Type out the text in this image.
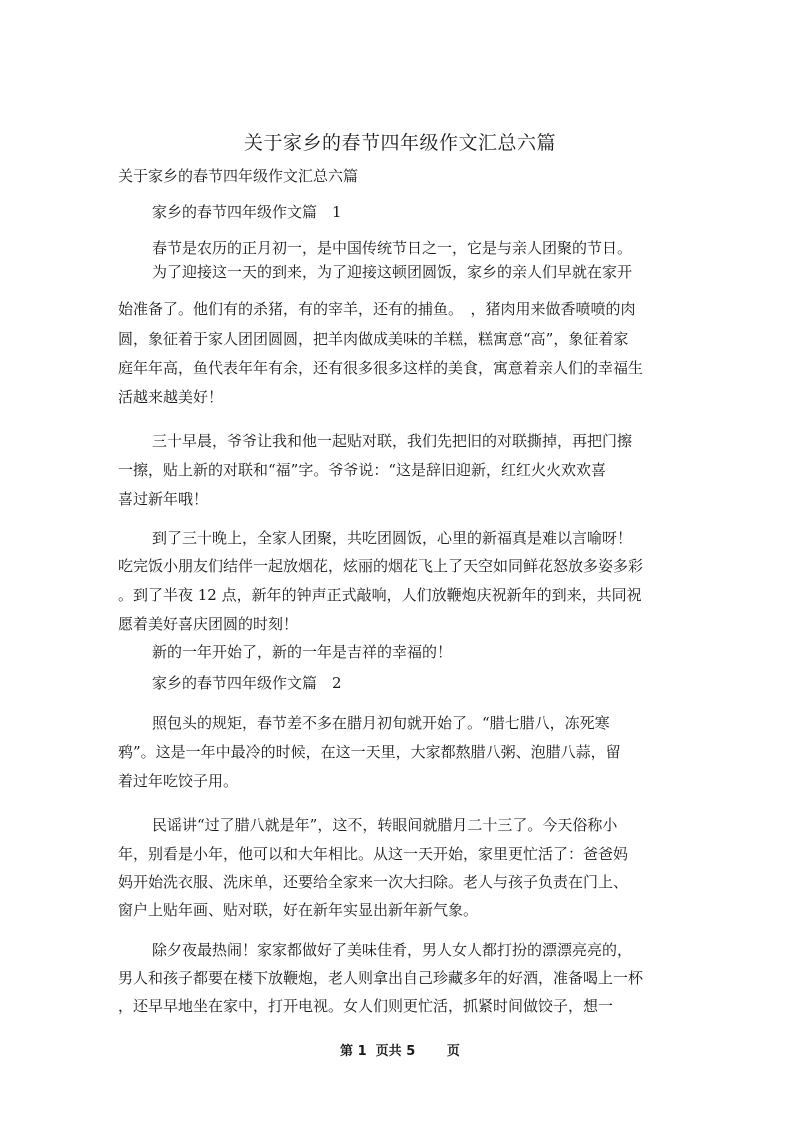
关于家乡的春节四年级作文汇总六篇
关于家乡的春节四年级作文汇总六篇
家乡的春节四年级作文篇　1
春节是农历的正月初一，是中国传统节日之一，它是与亲人团聚的节日。
为了迎接这一天的到来，为了迎接这顿团圆饭，家乡的亲人们早就在家开
始准备了。他们有的杀猪，有的宰羊，还有的捕鱼。　，猪肉用来做香喷喷的肉
圆，象征着于家人团团圆圆，把羊肉做成美味的羊糕，糕寓意“高”，象征着家
庭年年高，鱼代表年年有余，还有很多很多这样的美食，寓意着亲人们的幸福生
活越来越美好！
三十早晨，爷爷让我和他一起贴对联，我们先把旧的对联撕掉，再把门擦
一擦，贴上新的对联和“福”字。爷爷说：“这是辞旧迎新，红红火火欢欢喜
喜过新年哦！
到了三十晚上，全家人团聚，共吃团圆饭，心里的新福真是难以言喻呀！
吃完饭小朋友们结伴一起放烟花，炫丽的烟花飞上了天空如同鲜花怒放多姿多彩
。到了半夜 12 点，新年的钟声正式敲响，人们放鞭炮庆祝新年的到来，共同祝
愿着美好喜庆团圆的时刻！
新的一年开始了，新的一年是吉祥的幸福的！
家乡的春节四年级作文篇　2
照包头的规矩，春节差不多在腊月初旬就开始了。“腊七腊八，冻死寒
鸦”。这是一年中最冷的时候，在这一天里，大家都熬腊八粥、泡腊八蒜，留
着过年吃饺子用。
民谣讲“过了腊八就是年”，这不，转眼间就腊月二十三了。今天俗称小
年，别看是小年，他可以和大年相比。从这一天开始，家里更忙活了：爸爸妈
妈开始洗衣服、洗床单，还要给全家来一次大扫除。老人与孩子负责在门上、
窗户上贴年画、贴对联，好在新年实显出新年新气象。
除夕夜最热闹！家家都做好了美味佳肴，男人女人都打扮的漂漂亮亮的，
男人和孩子都要在楼下放鞭炮，老人则拿出自己珍藏多年的好酒，准备喝上一杯
，还早早地坐在家中，打开电视。女人们则更忙活，抓紧时间做饺子，想一
第 1  页共 5       页
